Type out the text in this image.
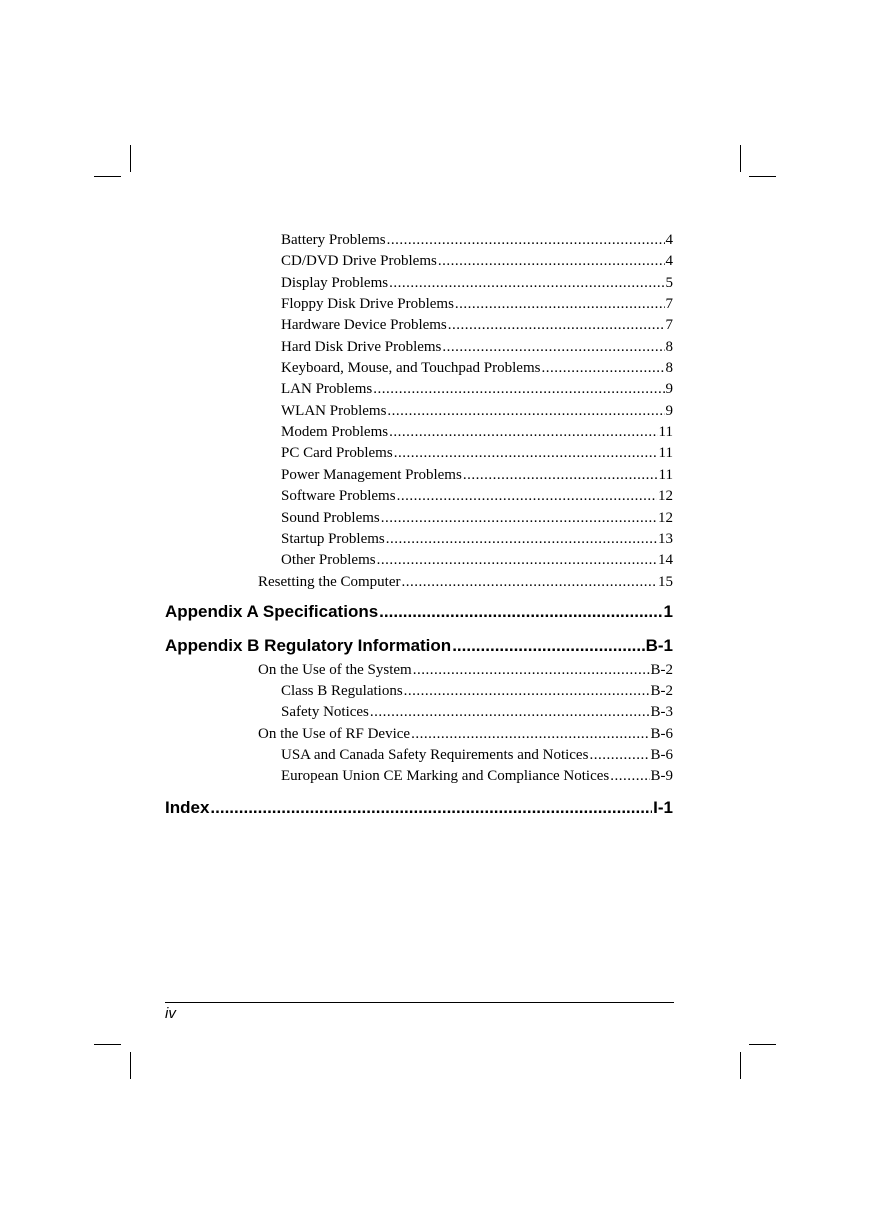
Battery Problems .....	4
CD/DVD Drive Problems .....	4
Display Problems .....	5
Floppy Disk Drive Problems .....	7
Hardware Device Problems .....	7
Hard Disk Drive Problems .....	8
Keyboard, Mouse, and Touchpad Problems .....	8
LAN Problems .....	9
WLAN Problems .....	9
Modem Problems .....	11
PC Card Problems .....	11
Power Management Problems .....	11
Software Problems .....	12
Sound Problems .....	12
Startup Problems .....	13
Other Problems .....	14
Resetting the Computer .....	15
Appendix A Specifications .....	1
Appendix B Regulatory Information .....	B-1
On the Use of the System .....	B-2
Class B Regulations .....	B-2
Safety Notices .....	B-3
On the Use of RF Device .....	B-6
USA and Canada Safety Requirements and Notices .....	B-6
European Union CE Marking and Compliance Notices .....	B-9
Index .....	I-1
iv
